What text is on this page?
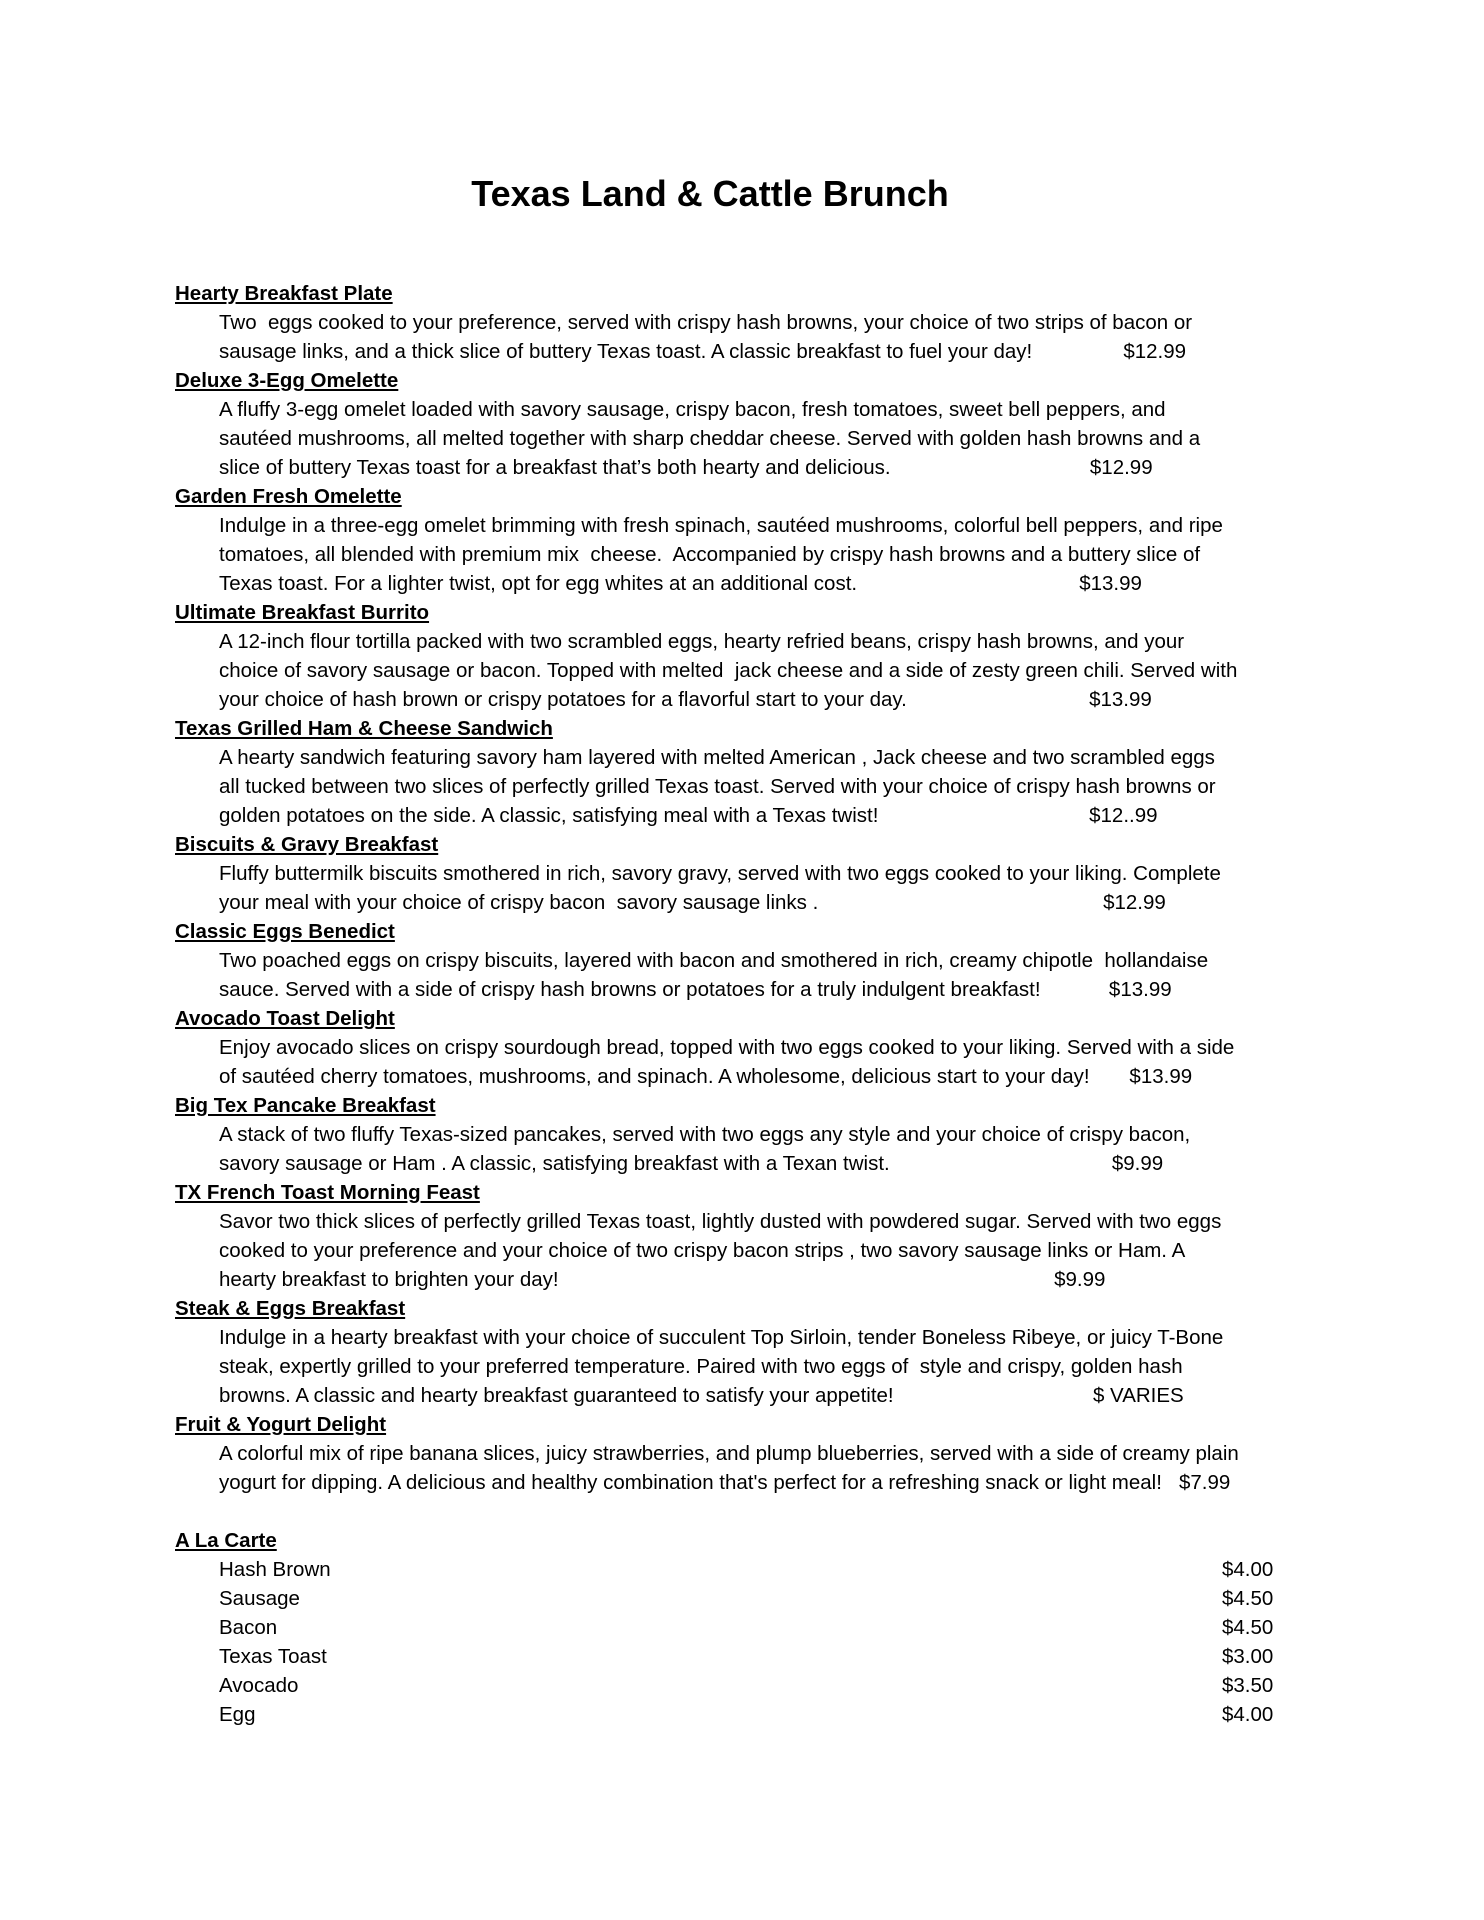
Texas Land & Cattle Brunch

Hearty Breakfast Plate

Two  eggs cooked to your preference, served with crispy hash browns, your choice of two strips of bacon or
sausage links, and a thick slice of buttery Texas toast. A classic breakfast to fuel your day!                $12.99

Deluxe 3-Egg Omelette

A fluffy 3-egg omelet loaded with savory sausage, crispy bacon, fresh tomatoes, sweet bell peppers, and
sautéed mushrooms, all melted together with sharp cheddar cheese. Served with golden hash browns and a
slice of buttery Texas toast for a breakfast that’s both hearty and delicious.                                   $12.99

Garden Fresh Omelette

Indulge in a three-egg omelet brimming with fresh spinach, sautéed mushrooms, colorful bell peppers, and ripe
tomatoes, all blended with premium mix  cheese.  Accompanied by crispy hash browns and a buttery slice of
Texas toast. For a lighter twist, opt for egg whites at an additional cost.                                       $13.99

Ultimate Breakfast Burrito

A 12-inch flour tortilla packed with two scrambled eggs, hearty refried beans, crispy hash browns, and your
choice of savory sausage or bacon. Topped with melted  jack cheese and a side of zesty green chili. Served with
your choice of hash brown or crispy potatoes for a flavorful start to your day.                                $13.99

Texas Grilled Ham & Cheese Sandwich

A hearty sandwich featuring savory ham layered with melted American , Jack cheese and two scrambled eggs
all tucked between two slices of perfectly grilled Texas toast. Served with your choice of crispy hash browns or
golden potatoes on the side. A classic, satisfying meal with a Texas twist!                                     $12..99

Biscuits & Gravy Breakfast

Fluffy buttermilk biscuits smothered in rich, savory gravy, served with two eggs cooked to your liking. Complete
your meal with your choice of crispy bacon  savory sausage links .                                                  $12.99

Classic Eggs Benedict

Two poached eggs on crispy biscuits, layered with bacon and smothered in rich, creamy chipotle  hollandaise
sauce. Served with a side of crispy hash browns or potatoes for a truly indulgent breakfast!            $13.99

Avocado Toast Delight

Enjoy avocado slices on crispy sourdough bread, topped with two eggs cooked to your liking. Served with a side
of sautéed cherry tomatoes, mushrooms, and spinach. A wholesome, delicious start to your day!       $13.99

Big Tex Pancake Breakfast

A stack of two fluffy Texas-sized pancakes, served with two eggs any style and your choice of crispy bacon,
savory sausage or Ham . A classic, satisfying breakfast with a Texan twist.                                       $9.99

TX French Toast Morning Feast

Savor two thick slices of perfectly grilled Texas toast, lightly dusted with powdered sugar. Served with two eggs
cooked to your preference and your choice of two crispy bacon strips , two savory sausage links or Ham. A
hearty breakfast to brighten your day!                                                                                       $9.99

Steak & Eggs Breakfast

Indulge in a hearty breakfast with your choice of succulent Top Sirloin, tender Boneless Ribeye, or juicy T-Bone
steak, expertly grilled to your preferred temperature. Paired with two eggs of  style and crispy, golden hash
browns. A classic and hearty breakfast guaranteed to satisfy your appetite!                                   $ VARIES

Fruit & Yogurt Delight

A colorful mix of ripe banana slices, juicy strawberries, and plump blueberries, served with a side of creamy plain
yogurt for dipping. A delicious and healthy combination that's perfect for a refreshing snack or light meal!   $7.99

A La Carte

Hash Brown	$4.00
Sausage	$4.50
Bacon	$4.50
Texas Toast	$3.00
Avocado	$3.50
Egg	$4.00
